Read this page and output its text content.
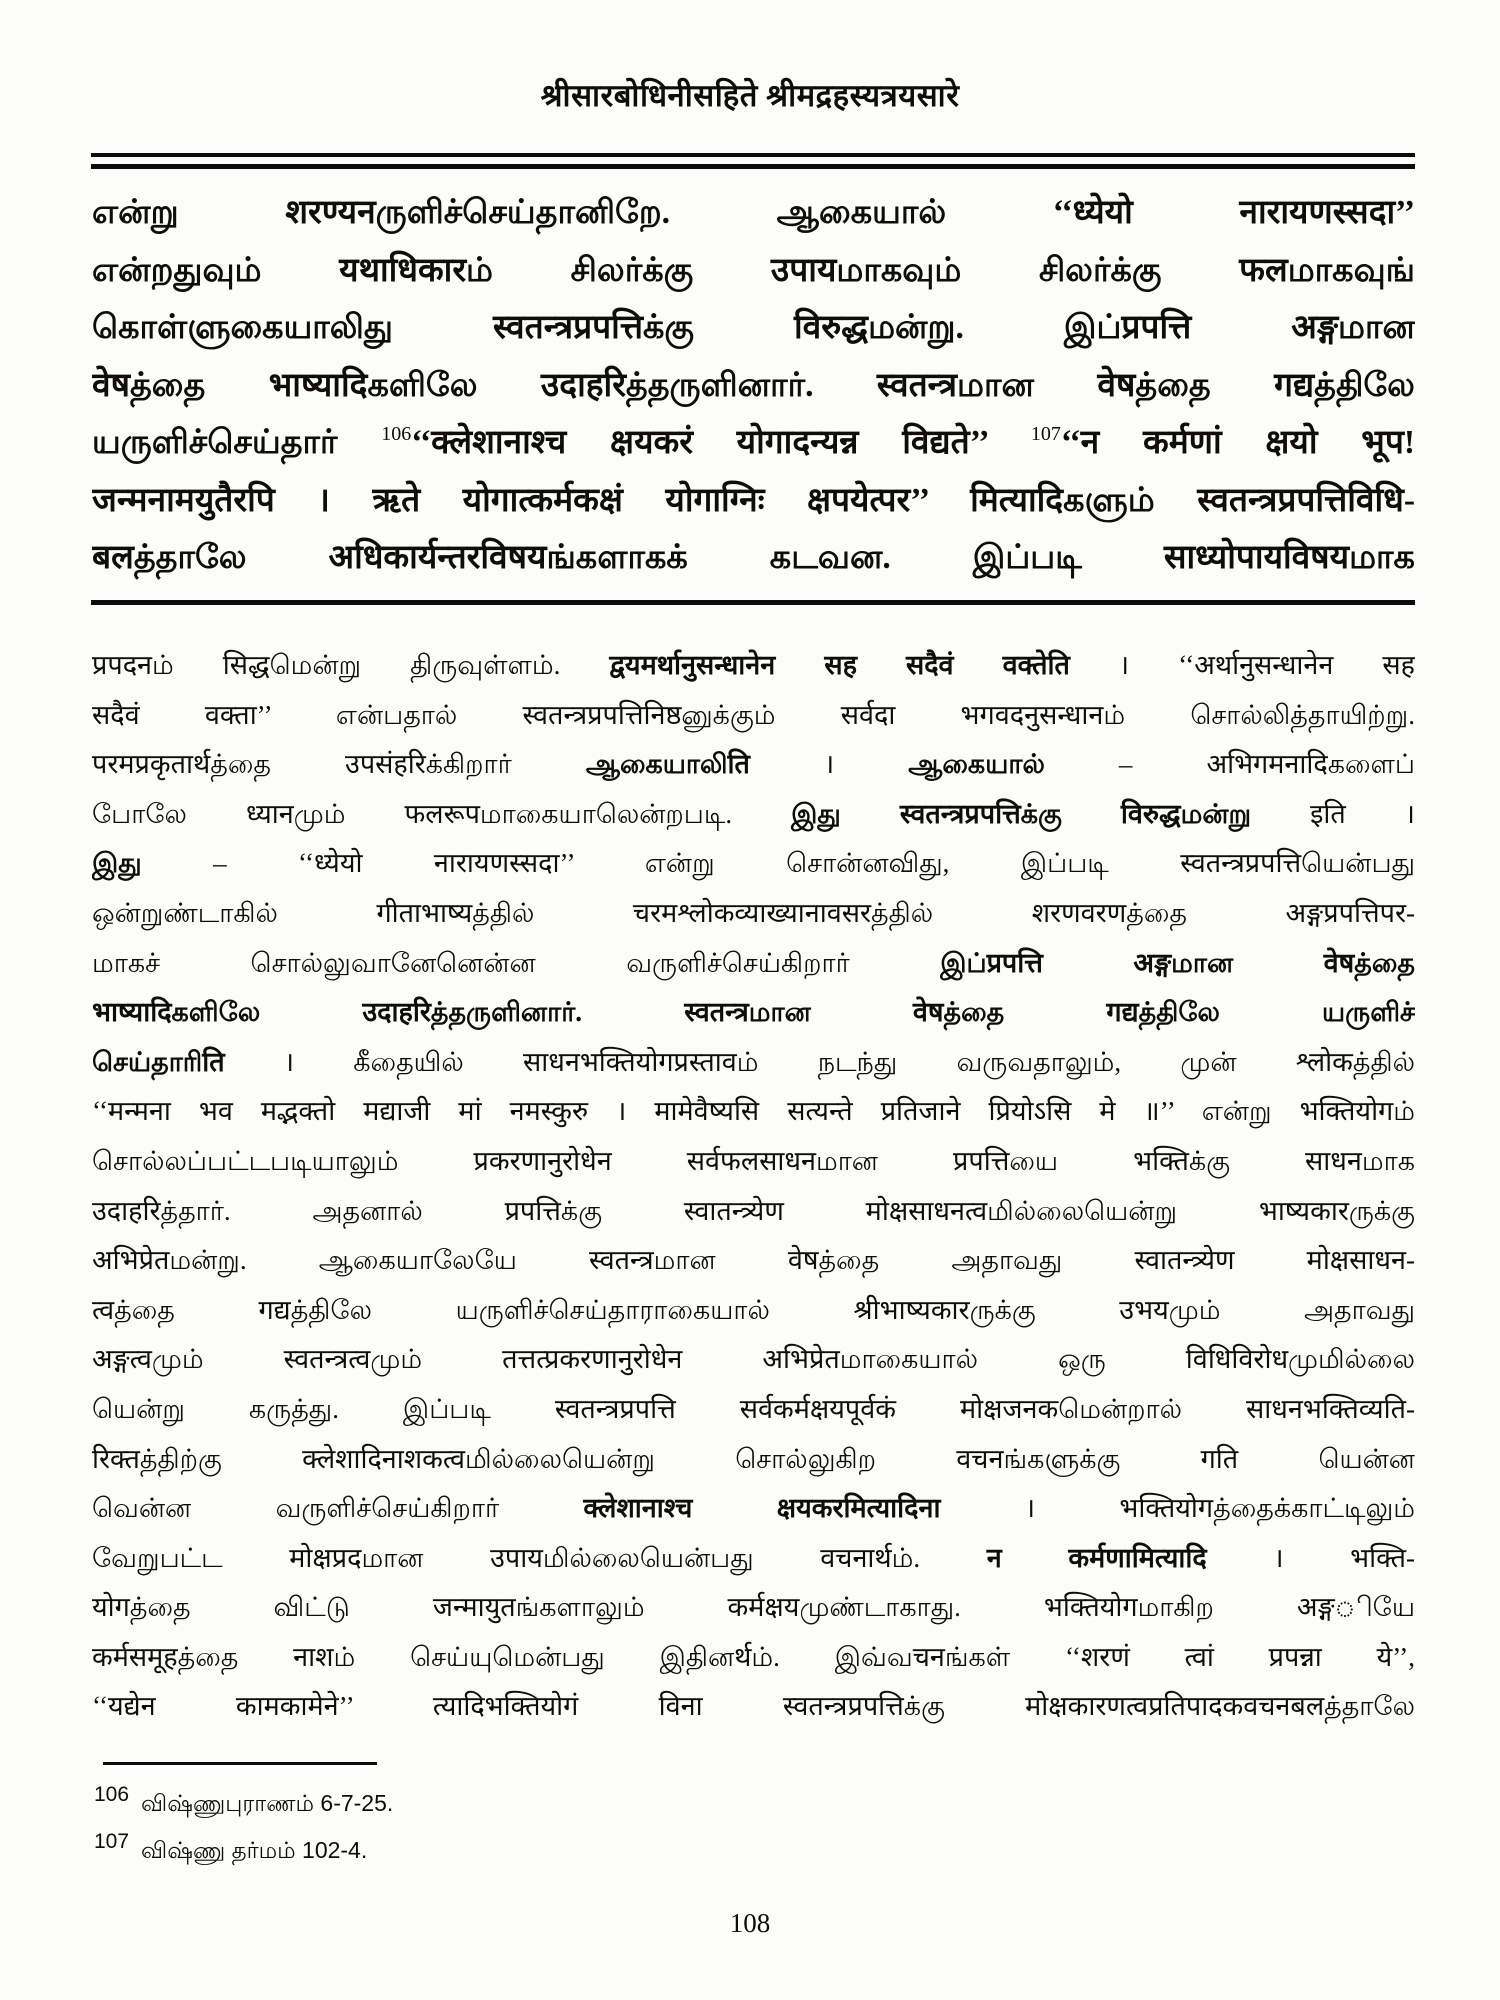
श्रीसारबोधिनीसहिते श्रीमद्रहस्यत्रयसारे
என்று शरण्यनருளிச்செய்தானிறே. ஆகையால் ‘‘ध्येयो नारायणस्सदा’’
என்றதுவும் यथाधिकारம் சிலர்க்கு उपायமாகவும் சிலர்க்கு फलமாகவுங்
கொள்ளுகையாலிது स्वतन्त्रप्रपत्तिக்கு विरुद्धமன்று. இப்प्रपत्ति अङ्गமான
वेषத்தை भाष्यादिகளிலே उदाहरिத்தருளினார். स्वतन्त्रமான वेषத்தை गद्यத்திலே
யருளிச்செய்தார் $^{106}$‘‘क्लेशानाश्च क्षयकरं योगादन्यन्न विद्यते’’ $^{107}$‘‘न कर्मणां क्षयो भूप!
जन्मनामयुतैरपि । ऋते योगात्कर्मकक्षं योगाग्निः क्षपयेत्पर’’ मित्यादिகளும் स्वतन्त्रप्रपत्तिविधि-
बलத்தாலே अधिकार्यन्तरविषयங்களாகக் கடவன. இப்படி साध्योपायविषयமாக
प्रपदनம் सिद्धமென்று திருவுள்ளம். द्वयमर्थानुसन्धानेन सह सदैवं वक्तेति । ‘‘अर्थानुसन्धानेन सह
सदैवं वक्ता’’ என்பதால் स्वतन्त्रप्रपत्तिनिष्ठனுக்கும் सर्वदा भगवदनुसन्धानம் சொல்லித்தாயிற்று.
परमप्रकृतार्थத்தை उपसंहरिக்கிறார் ஆகையாலிति । ஆகையால் – अभिगमनादिகளைப்
போலே ध्यानமும் फलरूपமாகையாலென்றபடி. இது स्वतन्त्रप्रपत्तिக்கு विरुद्धமன்று इति ।
இது – ‘‘ध्येयो नारायणस्सदा’’ என்று சொன்னவிது, இப்படி स्वतन्त्रप्रपत्तिயென்பது
ஒன்றுண்டாகில் गीताभाष्यத்தில் चरमश्लोकव्याख्यानावसरத்தில் शरणवरणத்தை अङ्गप्रपत्तिपर-
மாகச் சொல்லுவானேனென்ன வருளிச்செய்கிறார் இப்प्रपत्ति अङ्गமான वेषத்தை
भाष्यादिகளிலே उदाहरिத்தருளினார். स्वतन्त्रமான वेषத்தை गद्यத்திலே யருளிச்
செய்தாரிति । கீதையில் साधनभक्तियोगप्रस्तावம் நடந்து வருவதாலும், முன் श्लोकத்தில்
‘‘मन्मना भव मद्भक्तो मद्याजी मां नमस्कुरु । मामेवैष्यसि सत्यन्ते प्रतिजाने प्रियोऽसि मे ॥’’ என்று भक्तियोगம்
சொல்லப்பட்டபடியாலும் प्रकरणानुरोधेन सर्वफलसाधनமான प्रपत्तिயை भक्तिக்கு साधनமாக
उदाहरिத்தார். அதனால் प्रपत्तिக்கு स्वातन्त्र्येण मोक्षसाधनत्वமில்லையென்று भाष्यकारருக்கு
अभिप्रेतமன்று. ஆகையாலேயே स्वतन्त्रமான वेषத்தை அதாவது स्वातन्त्र्येण मोक्षसाधन-
त्वத்தை गद्यத்திலே யருளிச்செய்தாராகையால் श्रीभाष्यकारருக்கு उभयமும் அதாவது
अङ्गत्वமும் स्वतन्त्रत्वமும் तत्तत्प्रकरणानुरोधेन अभिप्रेतமாகையால் ஒரு विधिविरोधமுமில்லை
யென்று கருத்து. இப்படி स्वतन्त्रप्रपत्ति सर्वकर्मक्षयपूर्वकं मोक्षजनकமென்றால் साधनभक्तिव्यति-
रिक्तத்திற்கு क्लेशादिनाशकत्वமில்லையென்று சொல்லுகிற वचनங்களுக்கு गति யென்ன
வென்ன வருளிச்செய்கிறார் क्लेशानाश्च क्षयकरमित्यादिना । भक्तियोगத்தைக்காட்டிலும்
வேறுபட்ட मोक्षप्रदமான उपायமில்லையென்பது वचनार्थம். न कर्मणामित्यादि । भक्ति-
योगத்தை விட்டு जन्मायुतங்களாலும் कर्मक्षयமுண்டாகாது. भक्तियोगமாகிற अङ्गியே
कर्मसमूहத்தை नाशம் செய்யுமென்பது இதினर्थம். இவ்வचनங்கள் ‘‘शरणं त्वां प्रपन्ना ये’’,
‘‘यद्येन कामकामेने’’ त्यादिभक्तियोगं विना स्वतन्त्रप्रपत्तिக்கு मोक्षकारणत्वप्रतिपादकवचनबलத்தாலே
106 விஷ்ணுபுராணம் 6-7-25.
107 விஷ்ணு தர்மம் 102-4.
108
